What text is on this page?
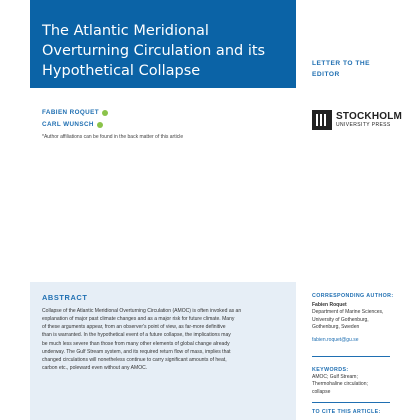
The Atlantic Meridional Overturning Circulation and its Hypothetical Collapse	LETTER TO THE EDITOR
STOCKHOLM
UNIVERSITY PRESS
FABIEN ROQUET
CARL WUNSCH
*Author affiliations can be found in the back matter of this article
ABSTRACT
Collapse of the Atlantic Meridional Overturning Circulation (AMOC) is often invoked as an
explanation of major past climate changes and as a major risk for future climate. Many
of these arguments appear, from an observer's point of view, as far-more definitive
than is warranted. In the hypothetical event of a future collapse, the implications may
be much less severe than those from many other elements of global change already
underway. The Gulf Stream system, and its required return flow of mass, implies that
changed circulations will nonetheless continue to carry significant amounts of heat,
carbon etc., poleward even without any AMOC.
CORRESPONDING AUTHOR:
Fabien Roquet
Department of Marine Sciences,
University of Gothenburg,
Gothenburg, Sweden
fabien.roquet@gu.se
KEYWORDS:
AMOC; Gulf Stream;
Thermohaline circulation;
collapse
TO CITE THIS ARTICLE:
